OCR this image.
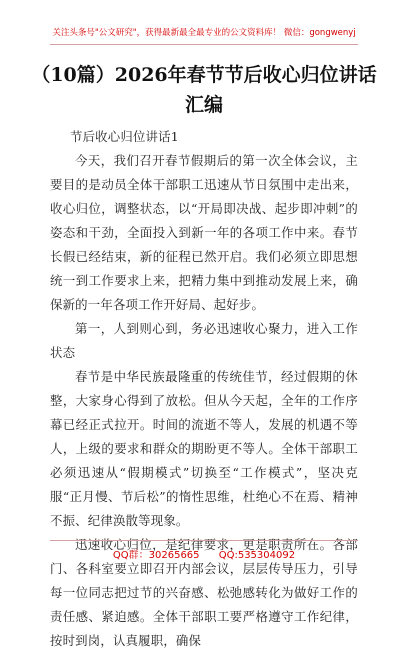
关注头条号"公文研究"，获得最新最全最专业的公文资料库！ 微信：gongwenyj
（10篇）2026年春节节后收心归位讲话
汇编

节后收心归位讲话1

今天，我们召开春节假期后的第一次全体会议，主要目的是动员全体干部职工迅速从节日氛围中走出来，收心归位，调整状态，以“开局即决战、起步即冲刺”的姿态和干劲，全面投入到新一年的各项工作中来。春节长假已经结束，新的征程已然开启。我们必须立即思想统一到工作要求上来，把精力集中到推动发展上来，确保新的一年各项工作开好局、起好步。

第一，人到则心到，务必迅速收心聚力，进入工作状态

春节是中华民族最隆重的传统佳节，经过假期的休整，大家身心得到了放松。但从今天起，全年的工作序幕已经正式拉开。时间的流逝不等人，发展的机遇不等人，上级的要求和群众的期盼更不等人。全体干部职工必须迅速从“假期模式”切换至“工作模式”，坚决克服“正月慢、节后松”的惰性思维，杜绝心不在焉、精神不振、纪律涣散等现象。

迅速收心归位，是纪律要求，更是职责所在。各部门、各科室要立即召开内部会议，层层传导压力，引导每一位同志把过节的兴奋感、松弛感转化为做好工作的责任感、紧迫感。全体干部职工要严格遵守工作纪律，按时到岗，认真履职，确保

QQ群：30265665 QQ:535304092
